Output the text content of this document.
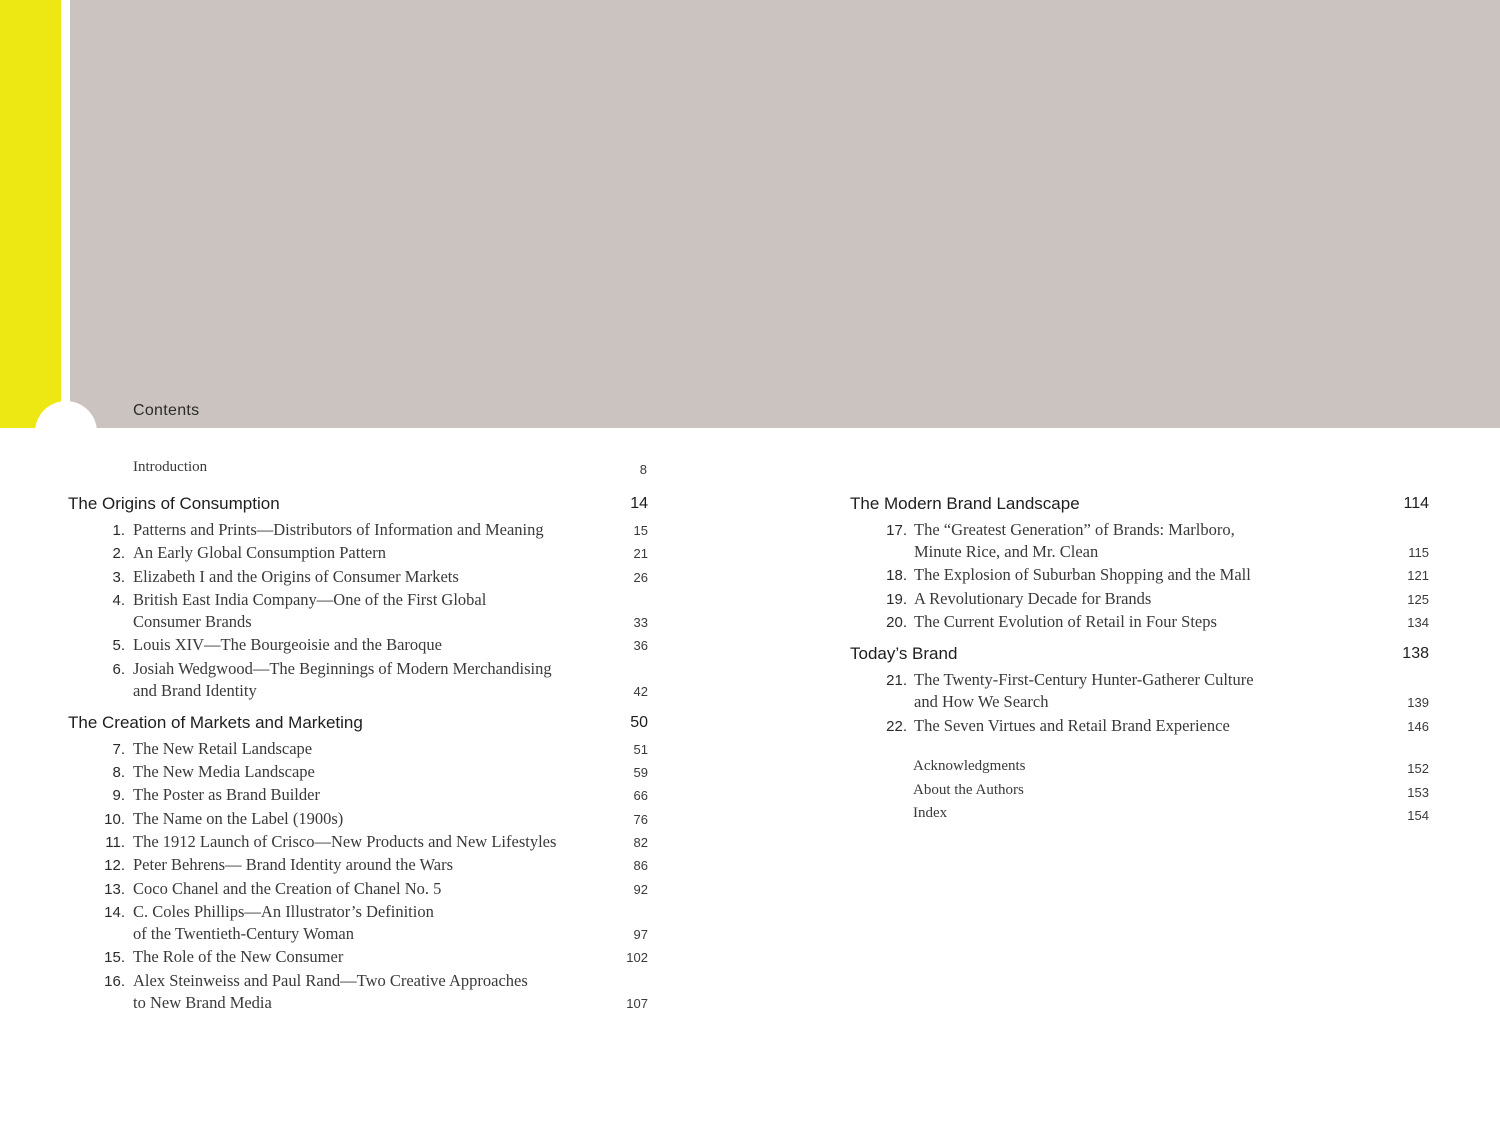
Contents
Introduction	8
The Origins of Consumption	14
1. Patterns and Prints—Distributors of Information and Meaning	15
2. An Early Global Consumption Pattern	21
3. Elizabeth I and the Origins of Consumer Markets	26
4. British East India Company—One of the First Global
Consumer Brands	33
5. Louis XIV—The Bourgeoisie and the Baroque	36
6. Josiah Wedgwood—The Beginnings of Modern Merchandising
and Brand Identity	42
The Creation of Markets and Marketing	50
7. The New Retail Landscape	51
8. The New Media Landscape	59
9. The Poster as Brand Builder	66
10. The Name on the Label (1900s)	76
11. The 1912 Launch of Crisco—New Products and New Lifestyles	82
12. Peter Behrens— Brand Identity around the Wars	86
13. Coco Chanel and the Creation of Chanel No. 5	92
14. C. Coles Phillips—An Illustrator’s Definition
of the Twentieth-Century Woman	97
15. The Role of the New Consumer	102
16. Alex Steinweiss and Paul Rand—Two Creative Approaches
to New Brand Media	107
The Modern Brand Landscape	114
17. The “Greatest Generation” of Brands: Marlboro,
Minute Rice, and Mr. Clean	115
18. The Explosion of Suburban Shopping and the Mall	121
19. A Revolutionary Decade for Brands	125
20. The Current Evolution of Retail in Four Steps	134
Today’s Brand	138
21. The Twenty-First-Century Hunter-Gatherer Culture
and How We Search	139
22. The Seven Virtues and Retail Brand Experience	146
Acknowledgments	152
About the Authors	153
Index	154
